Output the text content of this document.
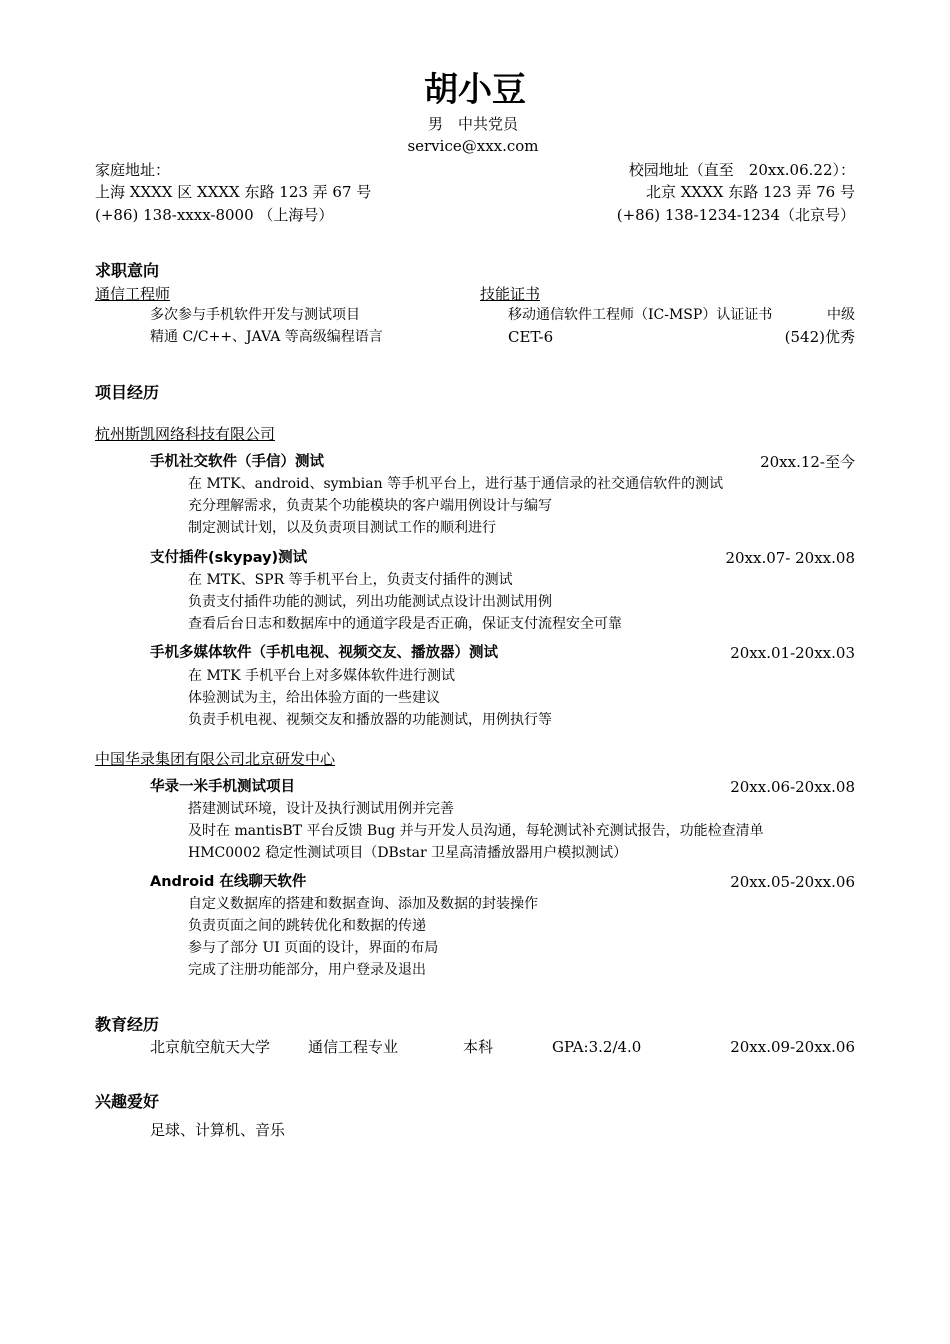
胡小豆
男　中共党员
service@xxx.com
家庭地址：
上海 XXXX 区 XXXX 东路 123 弄 67 号
(+86) 138-xxxx-8000 （上海号）
校园地址（直至　20xx.06.22）：
北京 XXXX 东路 123 弄 76 号
(+86) 138-1234-1234（北京号）
求职意向
通信工程师
多次参与手机软件开发与测试项目
精通 C/C++、JAVA 等高级编程语言
技能证书
移动通信软件工程师（IC-MSP）认证证书	中级
CET-6	(542)优秀
项目经历
杭州斯凯网络科技有限公司
手机社交软件（手信）测试	20xx.12-至今
在 MTK、android、symbian 等手机平台上，进行基于通信录的社交通信软件的测试
充分理解需求，负责某个功能模块的客户端用例设计与编写
制定测试计划，以及负责项目测试工作的顺利进行
支付插件(skypay)测试	20xx.07- 20xx.08
在 MTK、SPR 等手机平台上，负责支付插件的测试
负责支付插件功能的测试，列出功能测试点设计出测试用例
查看后台日志和数据库中的通道字段是否正确，保证支付流程安全可靠
手机多媒体软件（手机电视、视频交友、播放器）测试	20xx.01-20xx.03
在 MTK 手机平台上对多媒体软件进行测试
体验测试为主，给出体验方面的一些建议
负责手机电视、视频交友和播放器的功能测试，用例执行等
中国华录集团有限公司北京研发中心
华录一米手机测试项目	20xx.06-20xx.08
搭建测试环境，设计及执行测试用例并完善
及时在 mantisBT 平台反馈 Bug 并与开发人员沟通，每轮测试补充测试报告，功能检查清单
HMC0002 稳定性测试项目（DBstar 卫星高清播放器用户模拟测试）
Android 在线聊天软件	20xx.05-20xx.06
自定义数据库的搭建和数据查询、添加及数据的封装操作
负责页面之间的跳转优化和数据的传递
参与了部分 UI 页面的设计，界面的布局
完成了注册功能部分，用户登录及退出
教育经历
北京航空航天大学	通信工程专业	本科	GPA:3.2/4.0	20xx.09-20xx.06
兴趣爱好
足球、计算机、音乐
